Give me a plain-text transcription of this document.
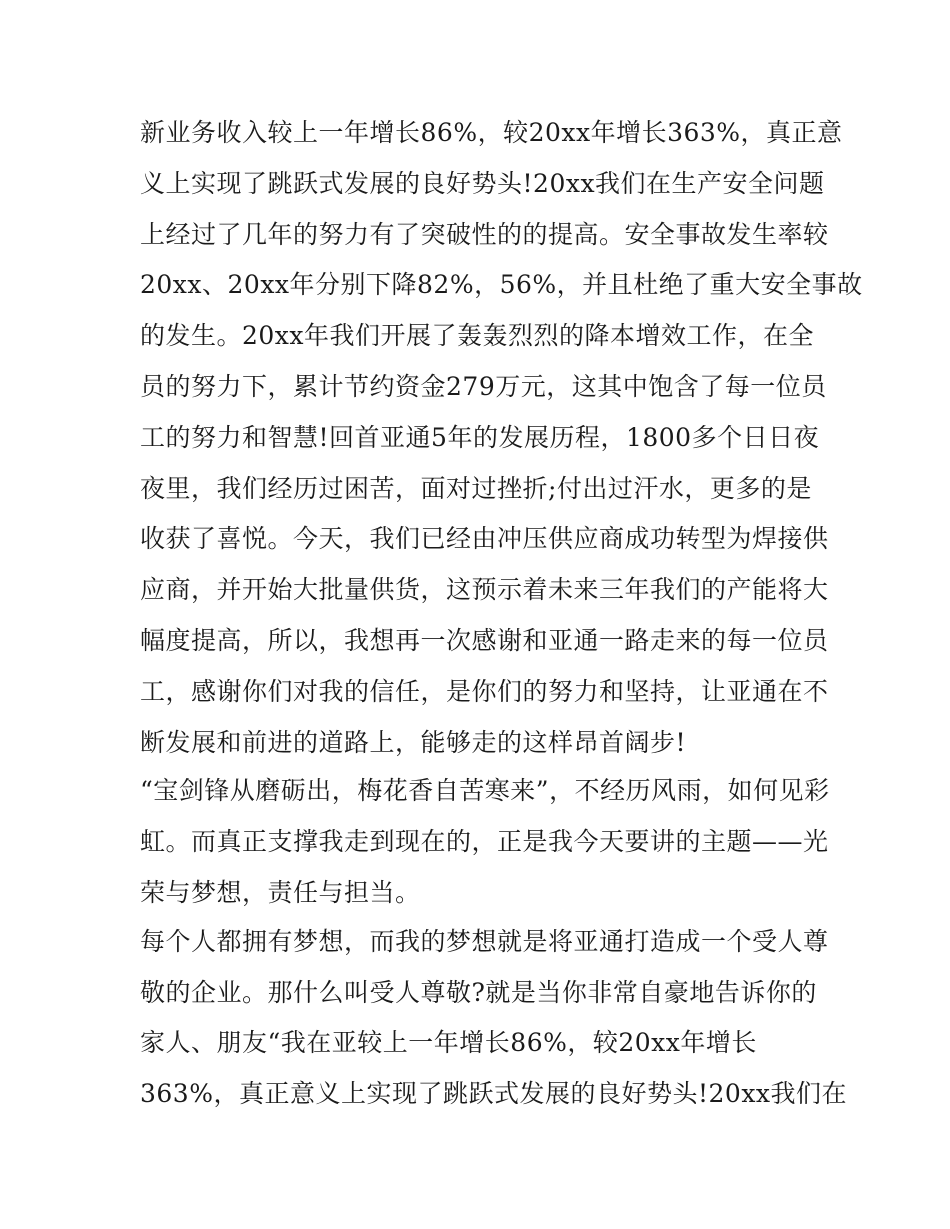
新业务收入较上一年增长86%，较20xx年增长363%，真正意
义上实现了跳跃式发展的良好势头!20xx我们在生产安全问题
上经过了几年的努力有了突破性的的提高。安全事故发生率较
20xx、20xx年分别下降82%，56%，并且杜绝了重大安全事故
的发生。20xx年我们开展了轰轰烈烈的降本增效工作，在全
员的努力下，累计节约资金279万元，这其中饱含了每一位员
工的努力和智慧!回首亚通5年的发展历程，1800多个日日夜
夜里，我们经历过困苦，面对过挫折;付出过汗水，更多的是
收获了喜悦。今天，我们已经由冲压供应商成功转型为焊接供
应商，并开始大批量供货，这预示着未来三年我们的产能将大
幅度提高，所以，我想再一次感谢和亚通一路走来的每一位员
工，感谢你们对我的信任，是你们的努力和坚持，让亚通在不
断发展和前进的道路上，能够走的这样昂首阔步!
“宝剑锋从磨砺出，梅花香自苦寒来”，不经历风雨，如何见彩
虹。而真正支撑我走到现在的，正是我今天要讲的主题——光
荣与梦想，责任与担当。
每个人都拥有梦想，而我的梦想就是将亚通打造成一个受人尊
敬的企业。那什么叫受人尊敬?就是当你非常自豪地告诉你的
家人、朋友“我在亚较上一年增长86%，较20xx年增长
363%，真正意义上实现了跳跃式发展的良好势头!20xx我们在
